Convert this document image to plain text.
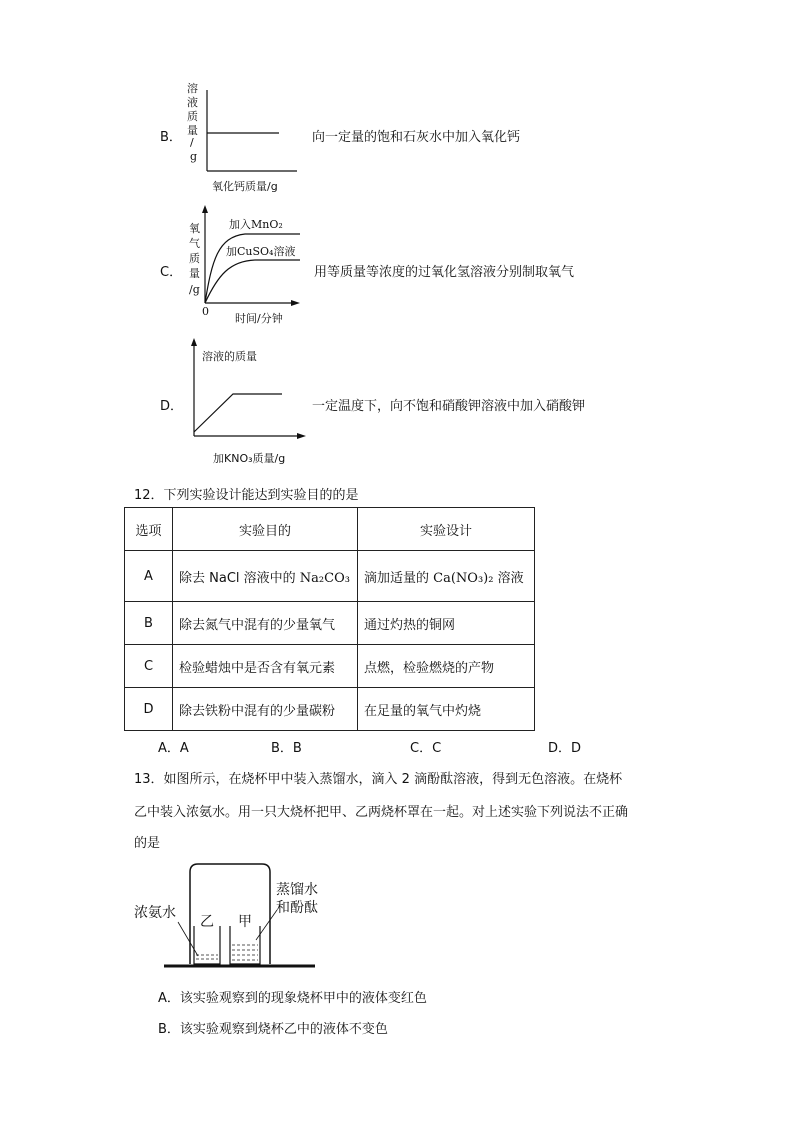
B．
溶
液
质
量
/
g
氧化钙质量/g
向一定量的饱和石灰水中加入氧化钙
C．
氧
气
质
量
/g
加入MnO₂
加CuSO₄溶液
0
时间/分钟
用等质量等浓度的过氧化氢溶液分别制取氧气
D．
溶液的质量
加KNO₃质量/g
一定温度下，向不饱和硝酸钾溶液中加入硝酸钾
12．下列实验设计能达到实验目的的是
选项	实验目的	实验设计
A	除去 NaCl 溶液中的 Na₂CO₃	滴加适量的 Ca(NO₃)₂ 溶液
B	除去氮气中混有的少量氧气	通过灼热的铜网
C	检验蜡烛中是否含有氧元素	点燃，检验燃烧的产物
D	除去铁粉中混有的少量碳粉	在足量的氧气中灼烧
A．A	B．B	C．C	D．D
13．如图所示，在烧杯甲中装入蒸馏水，滴入 2 滴酚酞溶液，得到无色溶液。在烧杯
乙中装入浓氨水。用一只大烧杯把甲、乙两烧杯罩在一起。对上述实验下列说法不正确
的是
浓氨水
乙 甲
蒸馏水
和酚酞
A．该实验观察到的现象烧杯甲中的液体变红色
B．该实验观察到烧杯乙中的液体不变色
